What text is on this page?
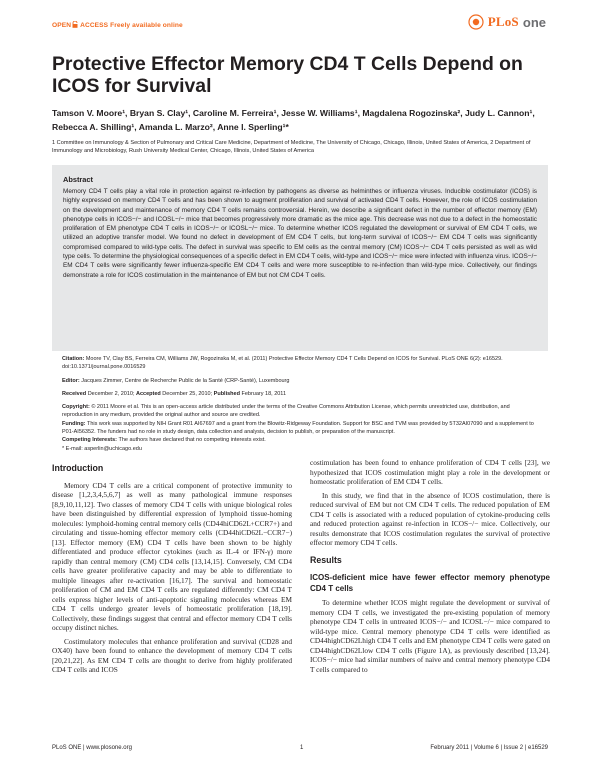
OPEN ACCESS Freely available online	PLoS one
Protective Effector Memory CD4 T Cells Depend on ICOS for Survival
Tamson V. Moore¹, Bryan S. Clay¹, Caroline M. Ferreira¹, Jesse W. Williams¹, Magdalena Rogozinska², Judy L. Cannon¹, Rebecca A. Shilling¹, Amanda L. Marzo², Anne I. Sperling¹*
1 Committee on Immunology & Section of Pulmonary and Critical Care Medicine, Department of Medicine, The University of Chicago, Chicago, Illinois, United States of America, 2 Department of Immunology and Microbiology, Rush University Medical Center, Chicago, Illinois, United States of America
Abstract
Memory CD4 T cells play a vital role in protection against re-infection by pathogens as diverse as helminthes or influenza viruses. Inducible costimulator (ICOS) is highly expressed on memory CD4 T cells and has been shown to augment proliferation and survival of activated CD4 T cells. However, the role of ICOS costimulation on the development and maintenance of memory CD4 T cells remains controversial. Herein, we describe a significant defect in the number of effector memory (EM) phenotype cells in ICOS−/− and ICOSL−/− mice that becomes progressively more dramatic as the mice age. This decrease was not due to a defect in the homeostatic proliferation of EM phenotype CD4 T cells in ICOS−/− or ICOSL−/− mice. To determine whether ICOS regulated the development or survival of EM CD4 T cells, we utilized an adoptive transfer model. We found no defect in development of EM CD4 T cells, but long-term survival of ICOS−/− EM CD4 T cells was significantly compromised compared to wild-type cells. The defect in survival was specific to EM cells as the central memory (CM) ICOS−/− CD4 T cells persisted as well as wild type cells. To determine the physiological consequences of a specific defect in EM CD4 T cells, wild-type and ICOS−/− mice were infected with influenza virus. ICOS−/− EM CD4 T cells were significantly fewer influenza-specific EM CD4 T cells and were more susceptible to re-infection than wild-type mice. Collectively, our findings demonstrate a role for ICOS costimulation in the maintenance of EM but not CM CD4 T cells.
Citation: Moore TV, Clay BS, Ferreira CM, Williams JW, Rogozinska M, et al. (2011) Protective Effector Memory CD4 T Cells Depend on ICOS for Survival. PLoS ONE 6(2): e16529. doi:10.1371/journal.pone.0016529
Editor: Jacques Zimmer, Centre de Recherche Public de la Santé (CRP-Santé), Luxembourg
Received December 2, 2010; Accepted December 25, 2010; Published February 18, 2011
Copyright: © 2011 Moore et al. This is an open-access article distributed under the terms of the Creative Commons Attribution License, which permits unrestricted use, distribution, and reproduction in any medium, provided the original author and source are credited.
Funding: This work was supported by NIH Grant R01 AI67697 and a grant from the Blowitz-Ridgeway Foundation. Support for BSC and TVM was provided by 5T32AI07090 and a supplement to P01-AI56352. The funders had no role in study design, data collection and analysis, decision to publish, or preparation of the manuscript.
Competing Interests: The authors have declared that no competing interests exist.
* E-mail: asperlin@uchicago.edu
Introduction

Memory CD4 T cells are a critical component of protective immunity to disease [1,2,3,4,5,6,7] as well as many pathological immune responses [8,9,10,11,12]. Two classes of memory CD4 T cells with unique biological roles have been distinguished by differential expression of lymphoid tissue-homing molecules: lymphoid-homing central memory cells (CD44hiCD62L+CCR7+) and circulating and tissue-homing effector memory cells (CD44hiCD62L−CCR7−) [13]. Effector memory (EM) CD4 T cells have been shown to be highly differentiated and produce effector cytokines (such as IL-4 or IFN-γ) more rapidly than central memory (CM) CD4 cells [13,14,15]. Conversely, CM CD4 cells have greater proliferative capacity and may be able to differentiate to multiple lineages after re-activation [16,17]. The survival and homeostatic proliferation of CM and EM CD4 T cells are regulated differently: CM CD4 T cells express higher levels of anti-apoptotic signaling molecules whereas EM CD4 T cells undergo greater levels of homeostatic proliferation [18,19]. Collectively, these findings suggest that central and effector memory CD4 T cells occupy distinct niches.

Costimulatory molecules that enhance proliferation and survival (CD28 and OX40) have been found to enhance the development of memory CD4 T cells [20,21,22]. As EM CD4 T cells are thought to derive from highly proliferated CD4 T cells and ICOS

costimulation has been found to enhance proliferation of CD4 T cells [23], we hypothesized that ICOS costimulation might play a role in the development or homeostatic proliferation of EM CD4 T cells.

In this study, we find that in the absence of ICOS costimulation, there is reduced survival of EM but not CM CD4 T cells. The reduced population of EM CD4 T cells is associated with a reduced population of cytokine-producing cells and reduced protection against re-infection in ICOS−/− mice. Collectively, our results demonstrate that ICOS costimulation regulates the survival of protective effector memory CD4 T cells.

Results
ICOS-deficient mice have fewer effector memory phenotype CD4 T cells

To determine whether ICOS might regulate the development or survival of memory CD4 T cells, we investigated the pre-existing population of memory phenotype CD4 T cells in untreated ICOS−/− and ICOSL−/− mice compared to wild-type mice. Central memory phenotype CD4 T cells were identified as CD44highCD62Lhigh CD4 T cells and EM phenotype CD4 T cells were gated on CD44highCD62Llow CD4 T cells (Figure 1A), as previously described [13,24]. ICOS−/− mice had similar numbers of naive and central memory phenotype CD4 T cells compared to

PLoS ONE | www.plosone.org	1	February 2011 | Volume 6 | Issue 2 | e16529
